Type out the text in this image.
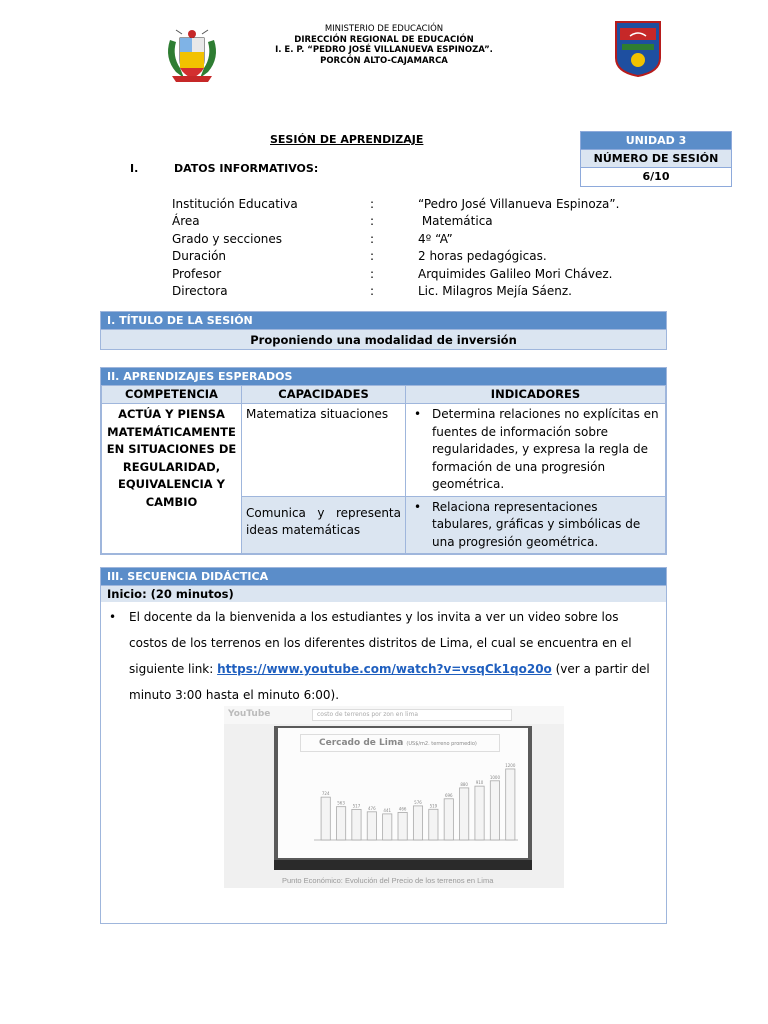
MINISTERIO DE EDUCACIÓN
DIRECCIÓN REGIONAL DE EDUCACIÓN
I. E. P. “PEDRO JOSÉ VILLANUEVA ESPINOZA”.
PORCÓN ALTO-CAJAMARCA
SESIÓN DE APRENDIZAJE
I.	DATOS INFORMATIVOS:
UNIDAD 3
NÚMERO DE SESIÓN
6/10
Institución Educativa	:	“Pedro José Villanueva Espinoza”.
Área	:	Matemática
Grado y secciones	:	4º “A”
Duración	:	2 horas pedagógicas.
Profesor	:	Arquimides Galileo Mori Chávez.
Directora	:	Lic. Milagros Mejía Sáenz.
I. TÍTULO DE LA SESIÓN
Proponiendo una modalidad de inversión
II. APRENDIZAJES ESPERADOS
COMPETENCIA	CAPACIDADES	INDICADORES
ACTÚA Y PIENSA MATEMÁTICAMENTE EN SITUACIONES DE REGULARIDAD, EQUIVALENCIA Y CAMBIO	Matematiza situaciones	• Determina relaciones no explícitas en fuentes de información sobre regularidades, y expresa la regla de formación de una progresión geométrica.

	Comunica y representa ideas matemáticas	• Relaciona representaciones tabulares, gráficas y simbólicas de una progresión geométrica.
III. SECUENCIA DIDÁCTICA
Inicio: (20 minutos)
• El docente da la bienvenida a los estudiantes y los invita a ver un video sobre los costos de los terrenos en los diferentes distritos de Lima, el cual se encuentra en el siguiente link: https://www.youtube.com/watch?v=vsqCk1qo20o (ver a partir del minuto 3:00 hasta el minuto 6:00).
YouTube	costo de terrenos por zon en lima
Cercado de Lima (US$/m2. terreno promedio)
724
563
517 476 441 466
576
519
696
880 910
1000
1200
Punto Económico: Evolución del Precio de los terrenos en Lima
